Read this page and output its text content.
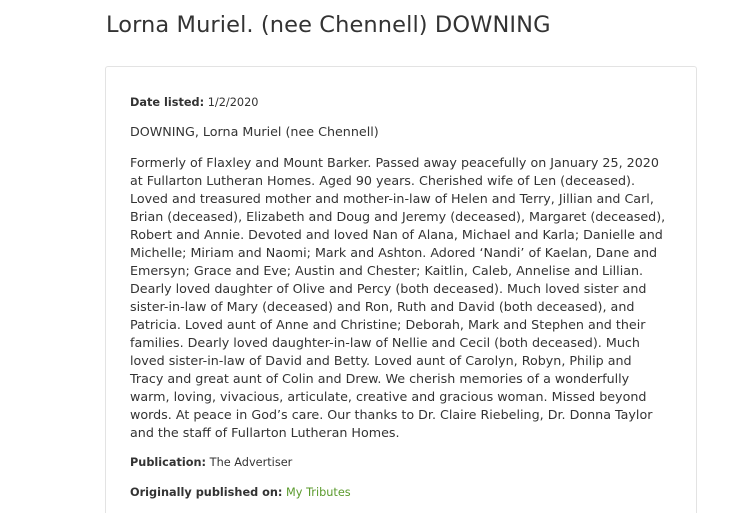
Lorna Muriel. (nee Chennell) DOWNING
Date listed: 1/2/2020
DOWNING, Lorna Muriel (nee Chennell)
Formerly of Flaxley and Mount Barker. Passed away peacefully on January 25, 2020
at Fullarton Lutheran Homes. Aged 90 years. Cherished wife of Len (deceased).
Loved and treasured mother and mother-in-law of Helen and Terry, Jillian and Carl,
Brian (deceased), Elizabeth and Doug and Jeremy (deceased), Margaret (deceased),
Robert and Annie. Devoted and loved Nan of Alana, Michael and Karla; Danielle and
Michelle; Miriam and Naomi; Mark and Ashton. Adored ‘Nandi’ of Kaelan, Dane and
Emersyn; Grace and Eve; Austin and Chester; Kaitlin, Caleb, Annelise and Lillian.
Dearly loved daughter of Olive and Percy (both deceased). Much loved sister and
sister-in-law of Mary (deceased) and Ron, Ruth and David (both deceased), and
Patricia. Loved aunt of Anne and Christine; Deborah, Mark and Stephen and their
families. Dearly loved daughter-in-law of Nellie and Cecil (both deceased). Much
loved sister-in-law of David and Betty. Loved aunt of Carolyn, Robyn, Philip and
Tracy and great aunt of Colin and Drew. We cherish memories of a wonderfully
warm, loving, vivacious, articulate, creative and gracious woman. Missed beyond
words. At peace in God’s care. Our thanks to Dr. Claire Riebeling, Dr. Donna Taylor
and the staff of Fullarton Lutheran Homes.
Publication: The Advertiser
Originally published on: My Tributes
